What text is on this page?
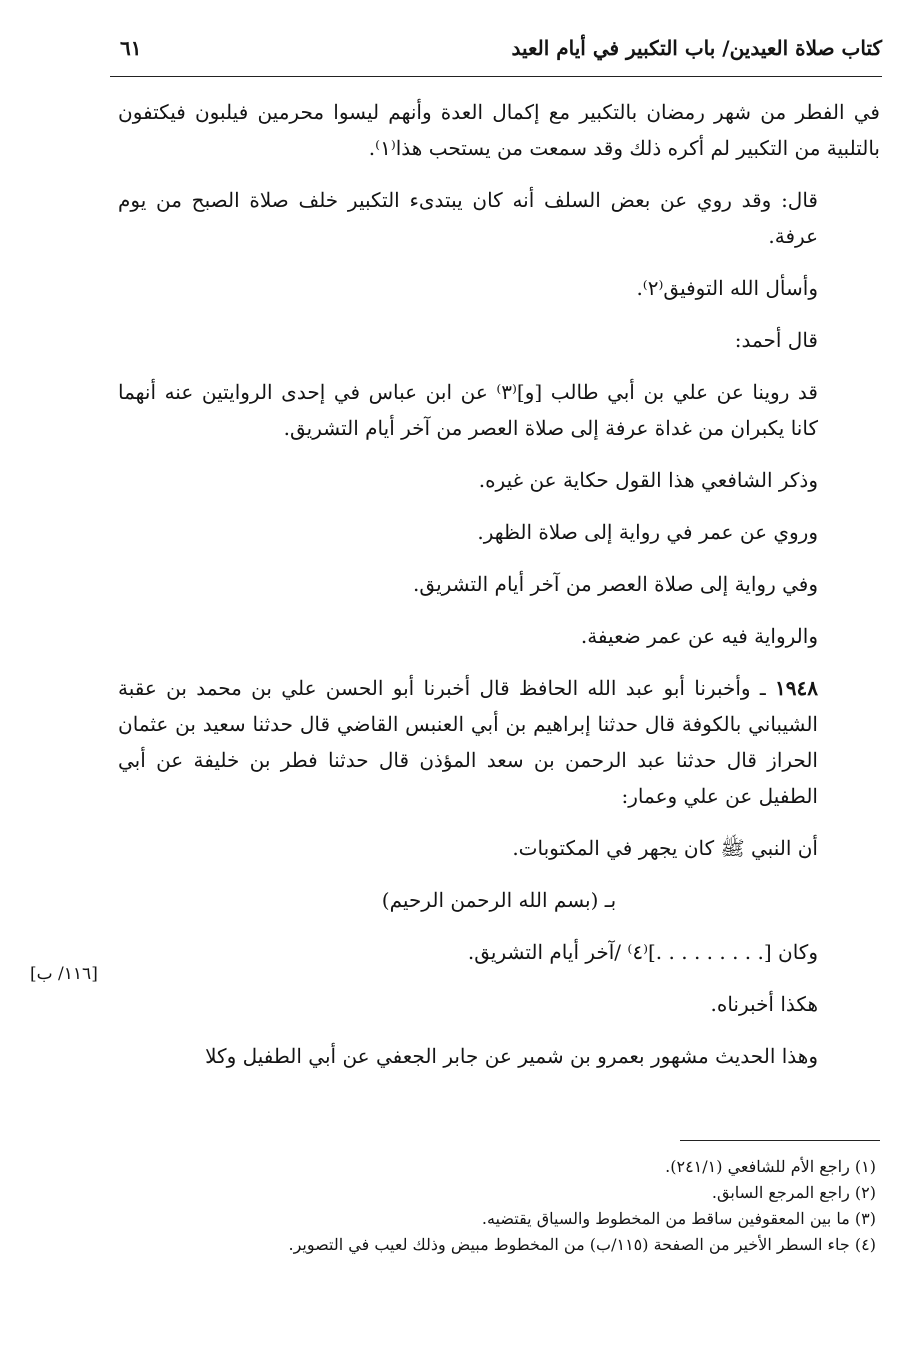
كتاب صلاة العيدين/ باب التكبير في أيام العيد
٦١

في الفطر من شهر رمضان بالتكبير مع إكمال العدة وأنهم ليسوا محرمين فيلبون فيكتفون بالتلبية من التكبير لم أكره ذلك وقد سمعت من يستحب هذا⁽١⁾.

قال: وقد روي عن بعض السلف أنه كان يبتدىء التكبير خلف صلاة الصبح من يوم عرفة.

وأسأل الله التوفيق⁽٢⁾.

قال أحمد:

قد روينا عن علي بن أبي طالب [و]⁽٣⁾ عن ابن عباس في إحدى الروايتين عنه أنهما كانا يكبران من غداة عرفة إلى صلاة العصر من آخر أيام التشريق.

وذكر الشافعي هذا القول حكاية عن غيره.

وروي عن عمر في رواية إلى صلاة الظهر.

وفي رواية إلى صلاة العصر من آخر أيام التشريق.

والرواية فيه عن عمر ضعيفة.

١٩٤٨ ـ وأخبرنا أبو عبد الله الحافظ قال أخبرنا أبو الحسن علي بن محمد بن عقبة الشيباني بالكوفة قال حدثنا إبراهيم بن أبي العنبس القاضي قال حدثنا سعيد بن عثمان الحراز قال حدثنا عبد الرحمن بن سعد المؤذن قال حدثنا فطر بن خليفة عن أبي الطفيل عن علي وعمار:

أن النبي ﷺ كان يجهر في المكتوبات.

بـ (بسم الله الرحمن الرحيم)

وكان [. . . . . . . . .]⁽٤⁾ /آخر أيام التشريق.

هكذا أخبرناه.

وهذا الحديث مشهور بعمرو بن شمير عن جابر الجعفي عن أبي الطفيل وكلا

[١١٦/ ب]
(١) راجع الأم للشافعي (٢٤١/١).
(٢) راجع المرجع السابق.
(٣) ما بين المعقوفين ساقط من المخطوط والسياق يقتضيه.
(٤) جاء السطر الأخير من الصفحة (١١٥/ب) من المخطوط مبيض وذلك لعيب في التصوير.
